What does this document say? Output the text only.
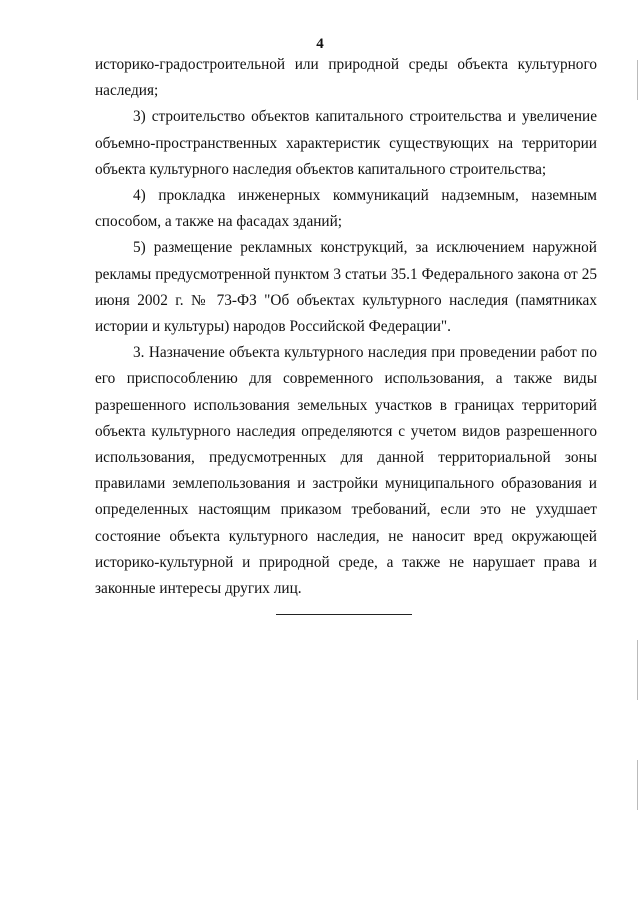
4

историко-градостроительной или природной среды объекта культурного наследия;

3) строительство объектов капитального строительства и увеличение объемно-пространственных характеристик существующих на территории объекта культурного наследия объектов капитального строительства;

4) прокладка инженерных коммуникаций надземным, наземным способом, а также на фасадах зданий;

5) размещение рекламных конструкций, за исключением наружной рекламы предусмотренной пунктом 3 статьи 35.1 Федерального закона от 25 июня 2002 г. № 73-ФЗ "Об объектах культурного наследия (памятниках истории и культуры) народов Российской Федерации".

3. Назначение объекта культурного наследия при проведении работ по его приспособлению для современного использования, а также виды разрешенного использования земельных участков в границах территорий объекта культурного наследия определяются с учетом видов разрешенного использования, предусмотренных для данной территориальной зоны правилами землепользования и застройки муниципального образования и определенных настоящим приказом требований, если это не ухудшает состояние объекта культурного наследия, не наносит вред окружающей историко-культурной и природной среде, а также не нарушает права и законные интересы других лиц.
